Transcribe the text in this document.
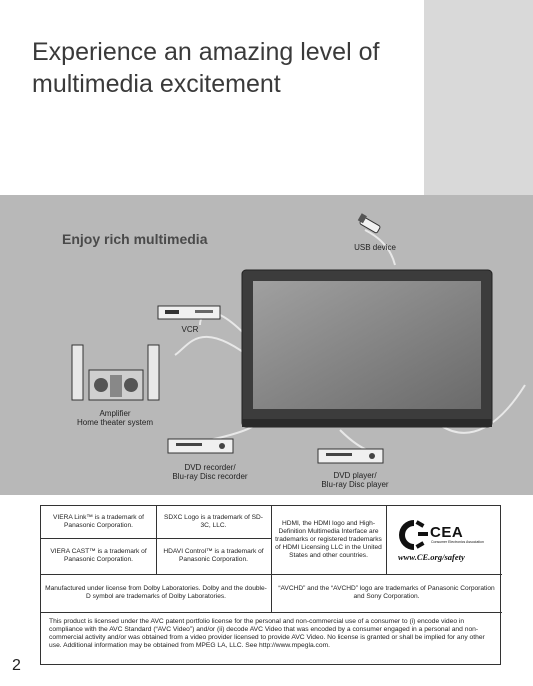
Experience an amazing level of multimedia excitement
Enjoy rich multimedia
USB device
VCR
Amplifier
Home theater system
DVD recorder/
Blu-ray Disc recorder	DVD player/
Blu-ray Disc player
VIERA Link™ is a trademark of Panasonic Corporation.
SDXC Logo is a trademark of SD-3C, LLC.	HDMI, the HDMI logo and High-Definition Multimedia Interface are trademarks or registered trademarks of HDMI Licensing LLC in the United States and other countries.
VIERA CAST™ is a trademark of Panasonic Corporation.
HDAVI Control™ is a trademark of Panasonic Corporation.
Manufactured under license from Dolby Laboratories. Dolby and the double-D symbol are trademarks of Dolby Laboratories.
“AVCHD” and the “AVCHD” logo are trademarks of Panasonic Corporation and Sony Corporation.
CEA
Consumer Electronics Association
www.CE.org/safety
This product is licensed under the AVC patent portfolio license for the personal and non-commercial use of a consumer to (i) encode video in compliance with the AVC Standard (“AVC Video”) and/or (ii) decode AVC Video that was encoded by a consumer engaged in a personal and non-commercial activity and/or was obtained from a video provider licensed to provide AVC Video. No license is granted or shall be implied for any other use. Additional information may be obtained from MPEG LA, LLC. See http://www.mpegla.com.
2
